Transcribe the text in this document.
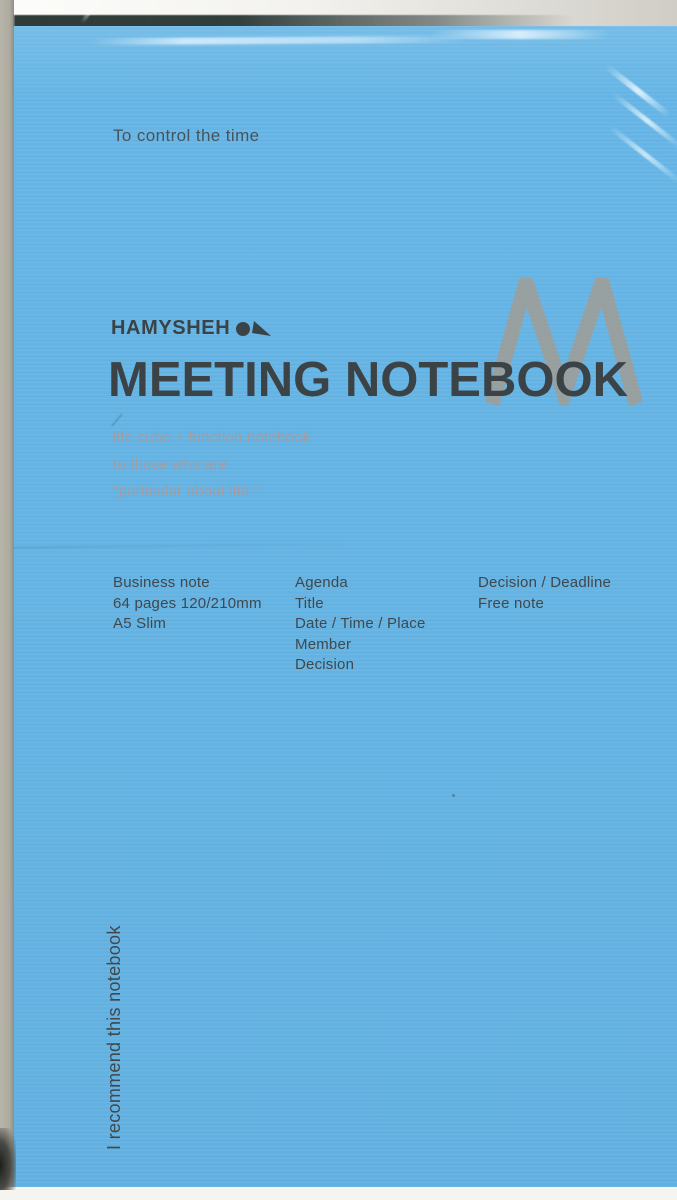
To control the time
HAMYSHEH
MEETING NOTEBOOK
life cube + function notebook
to those who are
"particular about life."
Business note
64 pages 120/210mm
A5 Slim
Agenda
Title
Date / Time / Place
Member
Decision
Decision / Deadline
Free note
I recommend this notebook
